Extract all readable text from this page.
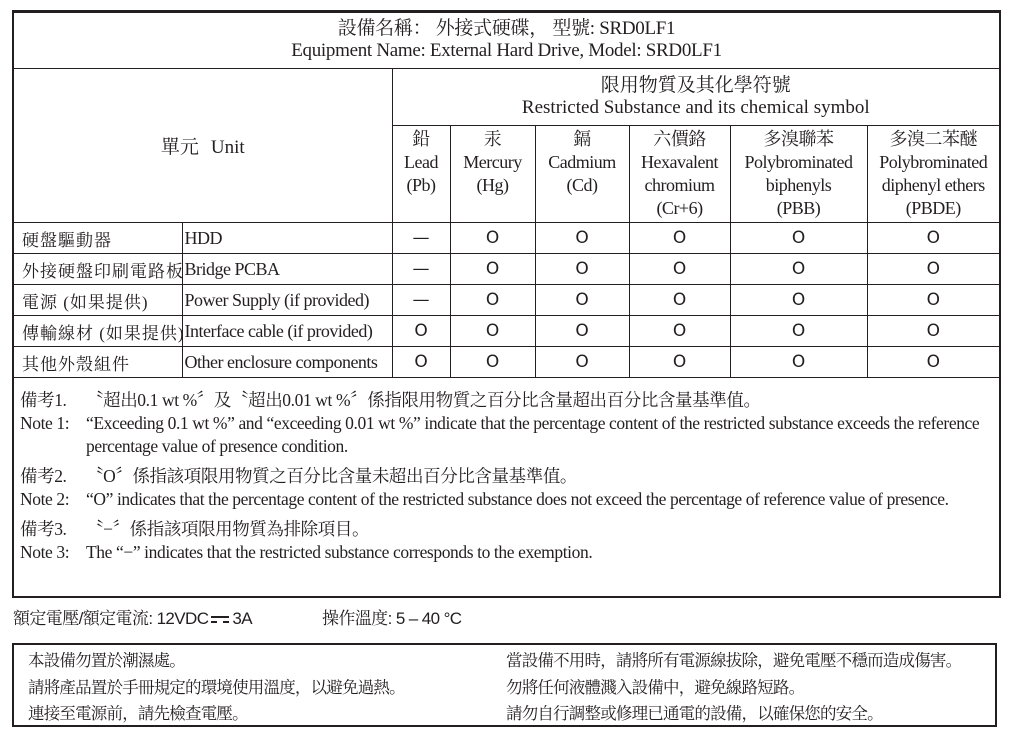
設備名稱： 外接式硬碟， 型號: SRD0LF1
Equipment Name: External Hard Drive, Model: SRD0LF1
單元 Unit		限用物質及其化學符號
Restricted Substance and its chemical symbol					

鉛
Lead
(Pb)

汞
Mercury
(Hg)

鎘
Cadmium
(Cd)

六價鉻
Hexavalent
chromium
(Cr+6)

多溴聯苯
Polybrominated
biphenyls
(PBB)

多溴二苯醚
Polybrominated
diphenyl ethers
(PBDE)

硬盤驅動器	HDD	—	O	O	O	O	O
外接硬盤印刷電路板	Bridge PCBA	—	O	O	O	O	O
電源 (如果提供)	Power Supply (if provided)	—	O	O	O	O	O
傳輸線材 (如果提供)	Interface cable (if provided)	O	O	O	O	O	O
其他外殼組件	Other enclosure components	O	O	O	O	O	O
備考1.	〝超出0.1 wt %〞及〝超出0.01 wt %〞係指限用物質之百分比含量超出百分比含量基準值。
Note 1: “Exceeding 0.1 wt %” and “exceeding 0.01 wt %” indicate that the percentage content of the restricted substance exceeds the reference percentage value of presence condition.
備考2.	〝O〞係指該項限用物質之百分比含量未超出百分比含量基準值。
Note 2: “O” indicates that the percentage content of the restricted substance does not exceed the percentage of reference value of presence.
備考3.	〝−〞係指該項限用物質為排除項目。
Note 3: The “−” indicates that the restricted substance corresponds to the exemption.
額定電壓/額定電流: 12VDC 3A	操作溫度: 5 – 40 °C
本設備勿置於潮濕處。
請將產品置於手冊規定的環境使用溫度，以避免過熱。
連接至電源前，請先檢查電壓。
當設備不用時，請將所有電源線拔除，避免電壓不穩而造成傷害。
勿將任何液體濺入設備中，避免線路短路。
請勿自行調整或修理已通電的設備，以確保您的安全。
